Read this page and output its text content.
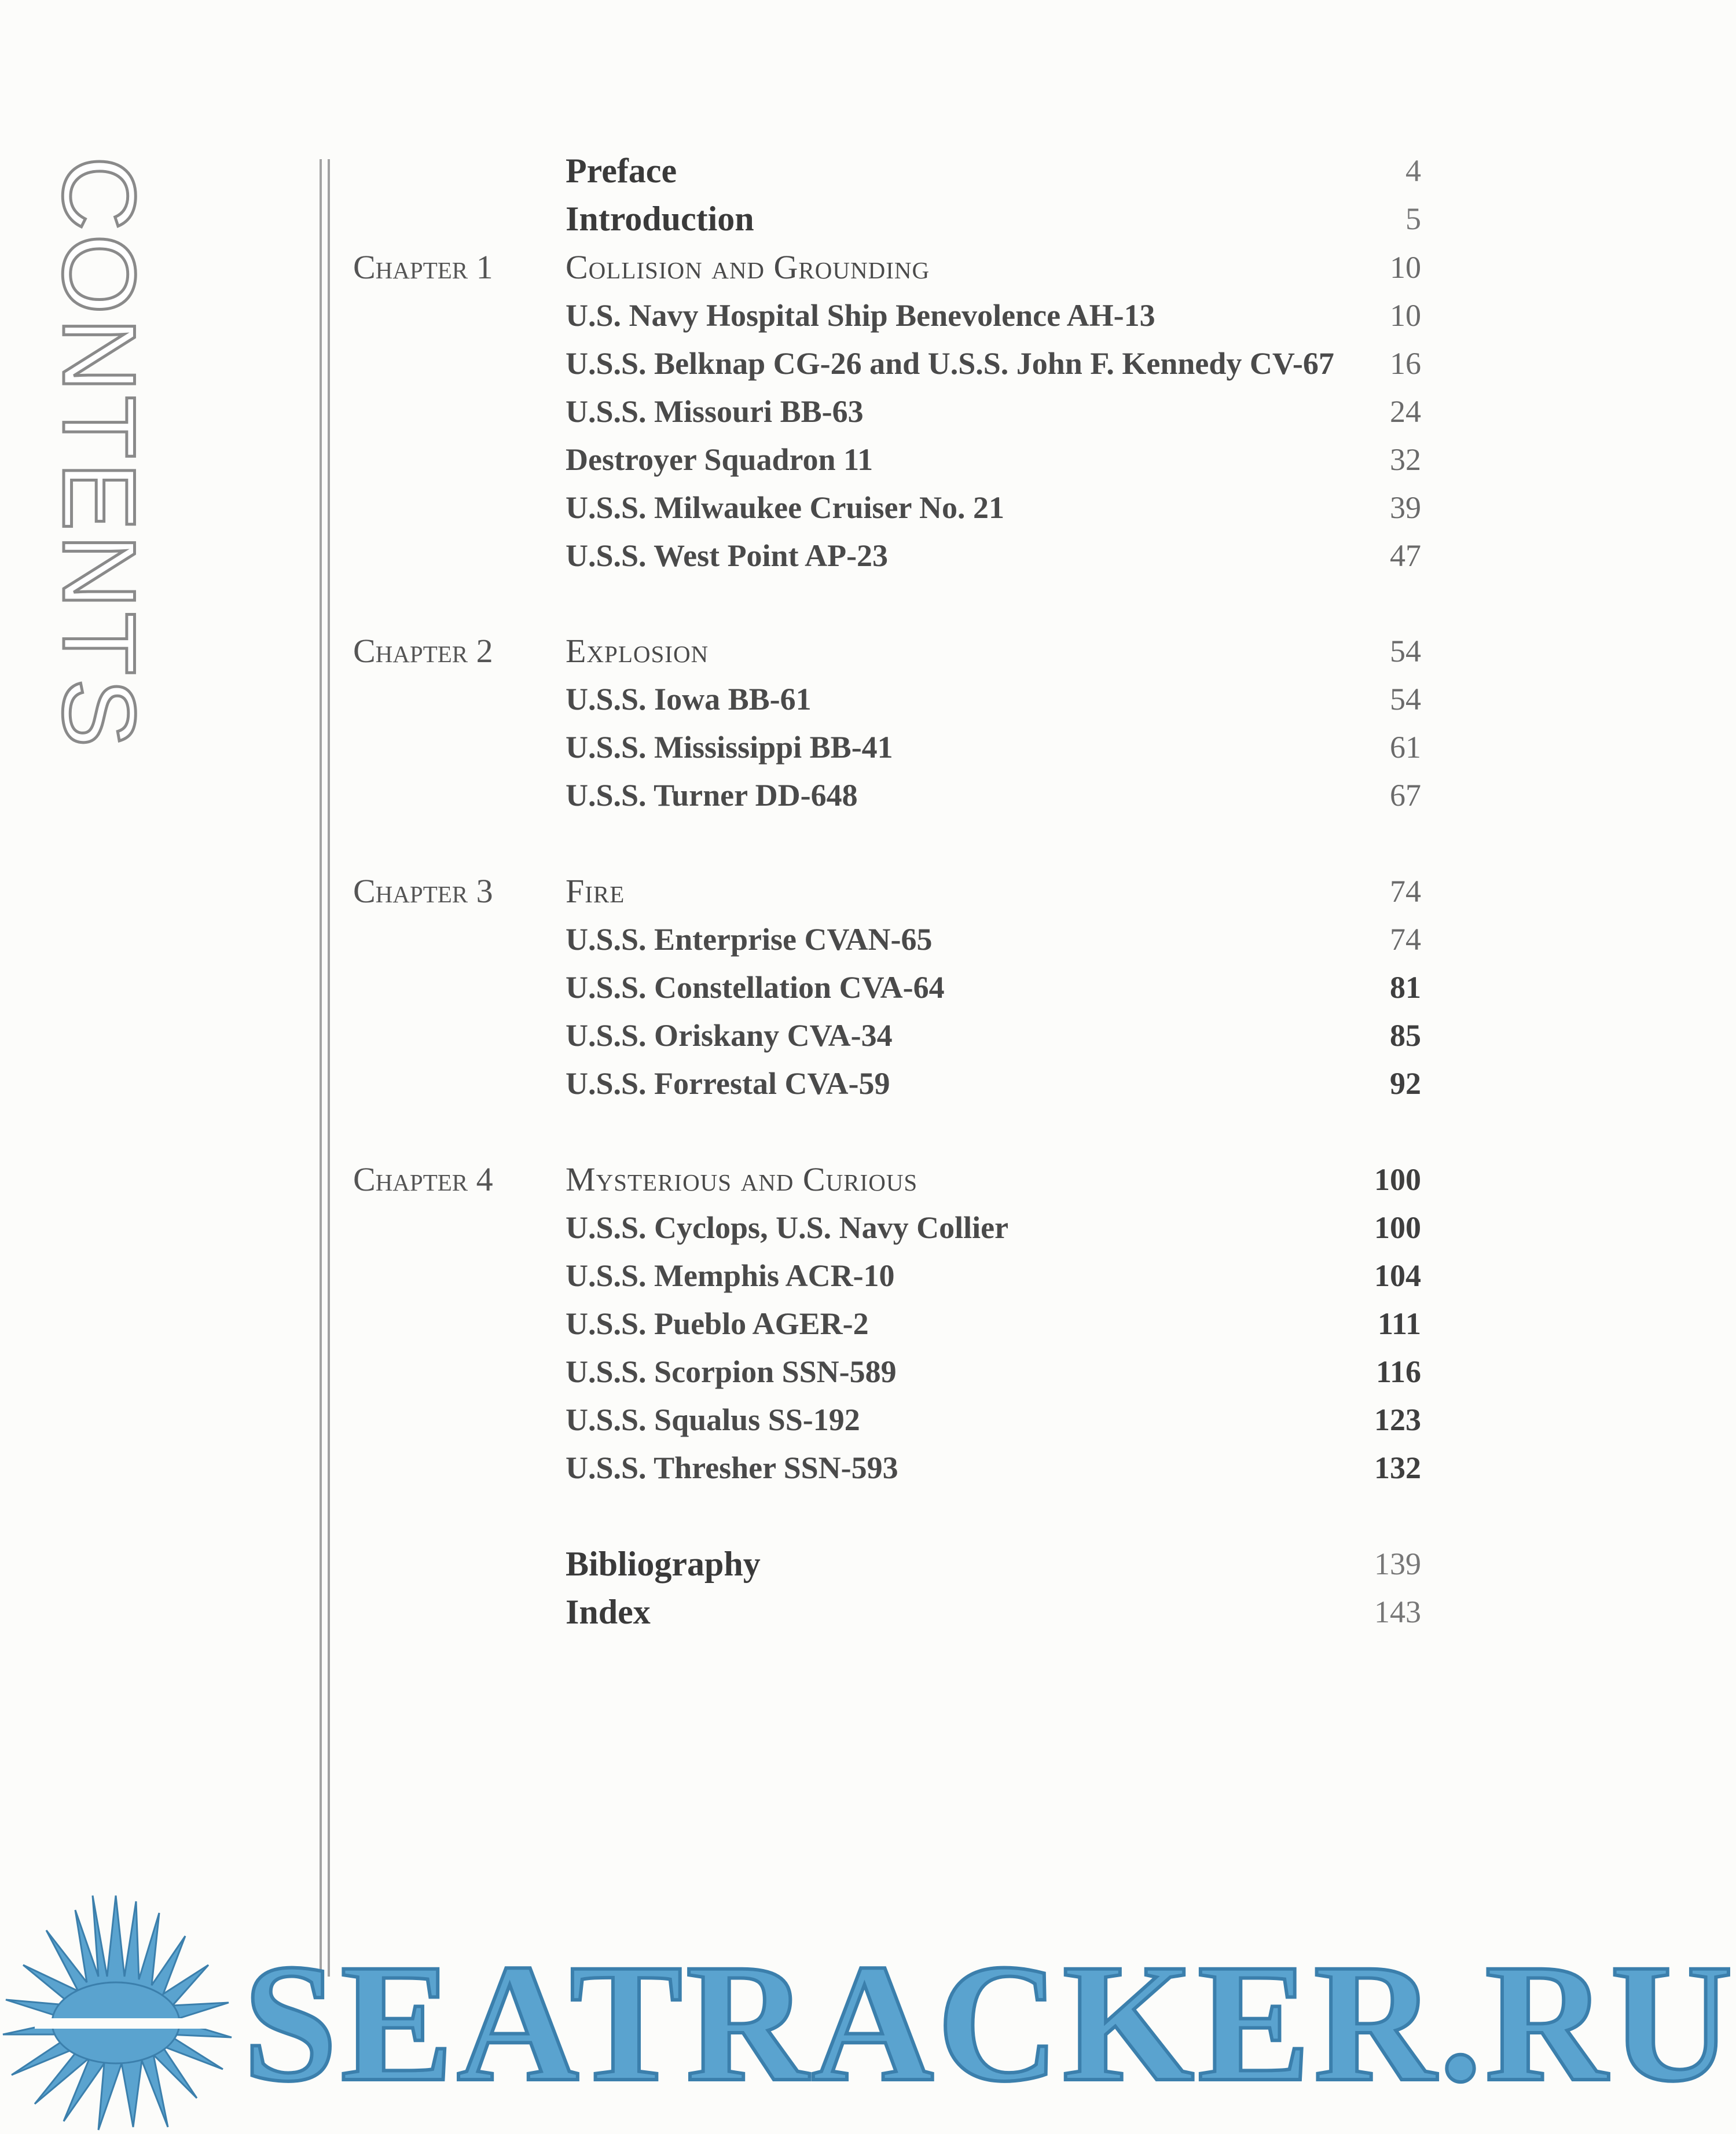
CONTENTS	Preface	4
Introduction	5
Chapter 1 Collision and Grounding	10
U.S. Navy Hospital Ship Benevolence AH-13	10
U.S.S. Belknap CG-26 and U.S.S. John F. Kennedy CV-67 16
U.S.S. Missouri BB-63	24
Destroyer Squadron 11	32
U.S.S. Milwaukee Cruiser No. 21	39
U.S.S. West Point AP-23	47
Chapter 2 Explosion	54
U.S.S. Iowa BB-61	54
U.S.S. Mississippi BB-41	61
U.S.S. Turner DD-648	67
Chapter 3 Fire	74
U.S.S. Enterprise CVAN-65	74
U.S.S. Constellation CVA-64	81
U.S.S. Oriskany CVA-34	85
U.S.S. Forrestal CVA-59	92
Chapter 4 Mysterious and Curious	100
U.S.S. Cyclops, U.S. Navy Collier	100
U.S.S. Memphis ACR-10	104
U.S.S. Pueblo AGER-2	111
U.S.S. Scorpion SSN-589	116
U.S.S. Squalus SS-192	123
U.S.S. Thresher SSN-593	132
Bibliography	139
Index	143
SEATRACKER.RU
